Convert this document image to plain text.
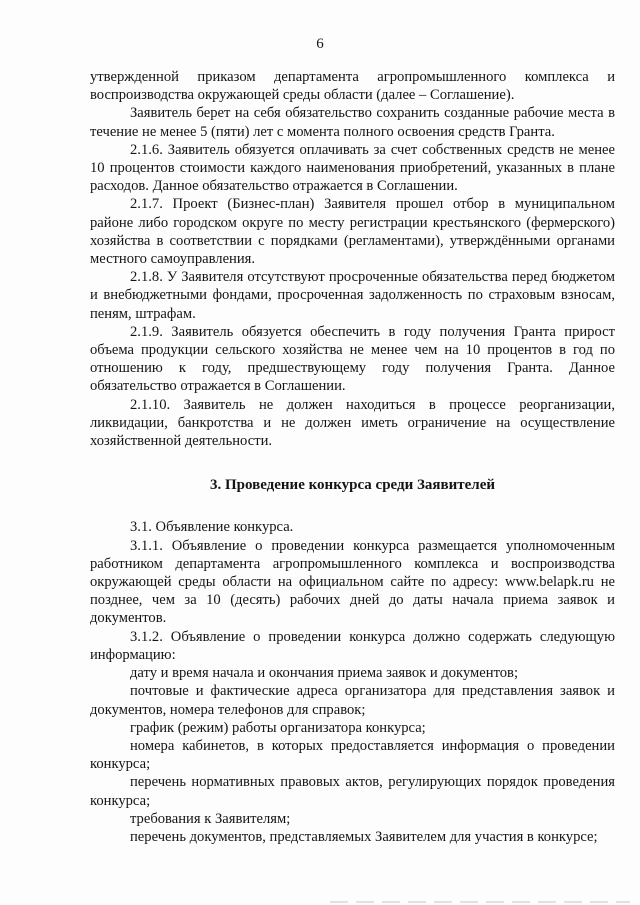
6

утвержденной приказом департамента агропромышленного комплекса и воспроизводства окружающей среды области (далее – Соглашение).

Заявитель берет на себя обязательство сохранить созданные рабочие места в течение не менее 5 (пяти) лет с момента полного освоения средств Гранта.

2.1.6. Заявитель обязуется оплачивать за счет собственных средств не менее 10 процентов стоимости каждого наименования приобретений, указанных в плане расходов. Данное обязательство отражается в Соглашении.

2.1.7. Проект (Бизнес-план) Заявителя прошел отбор в муниципальном районе либо городском округе по месту регистрации крестьянского (фермерского) хозяйства в соответствии с порядками (регламентами), утверждёнными органами местного самоуправления.

2.1.8. У Заявителя отсутствуют просроченные обязательства перед бюджетом и внебюджетными фондами, просроченная задолженность по страховым взносам, пеням, штрафам.

2.1.9. Заявитель обязуется обеспечить в году получения Гранта прирост объема продукции сельского хозяйства не менее чем на 10 процентов в год по отношению к году, предшествующему году получения Гранта. Данное обязательство отражается в Соглашении.

2.1.10. Заявитель не должен находиться в процессе реорганизации, ликвидации, банкротства и не должен иметь ограничение на осуществление хозяйственной деятельности.

3. Проведение конкурса среди Заявителей

3.1. Объявление конкурса.

3.1.1. Объявление о проведении конкурса размещается уполномоченным работником департамента агропромышленного комплекса и воспроизводства окружающей среды области на официальном сайте по адресу: www.belapk.ru не позднее, чем за 10 (десять) рабочих дней до даты начала приема заявок и документов.

3.1.2. Объявление о проведении конкурса должно содержать следующую информацию:

дату и время начала и окончания приема заявок и документов;

почтовые и фактические адреса организатора для представления заявок и документов, номера телефонов для справок;

график (режим) работы организатора конкурса;

номера кабинетов, в которых предоставляется информация о проведении конкурса;

перечень нормативных правовых актов, регулирующих порядок проведения конкурса;

требования к Заявителям;

перечень документов, представляемых Заявителем для участия в конкурсе;
